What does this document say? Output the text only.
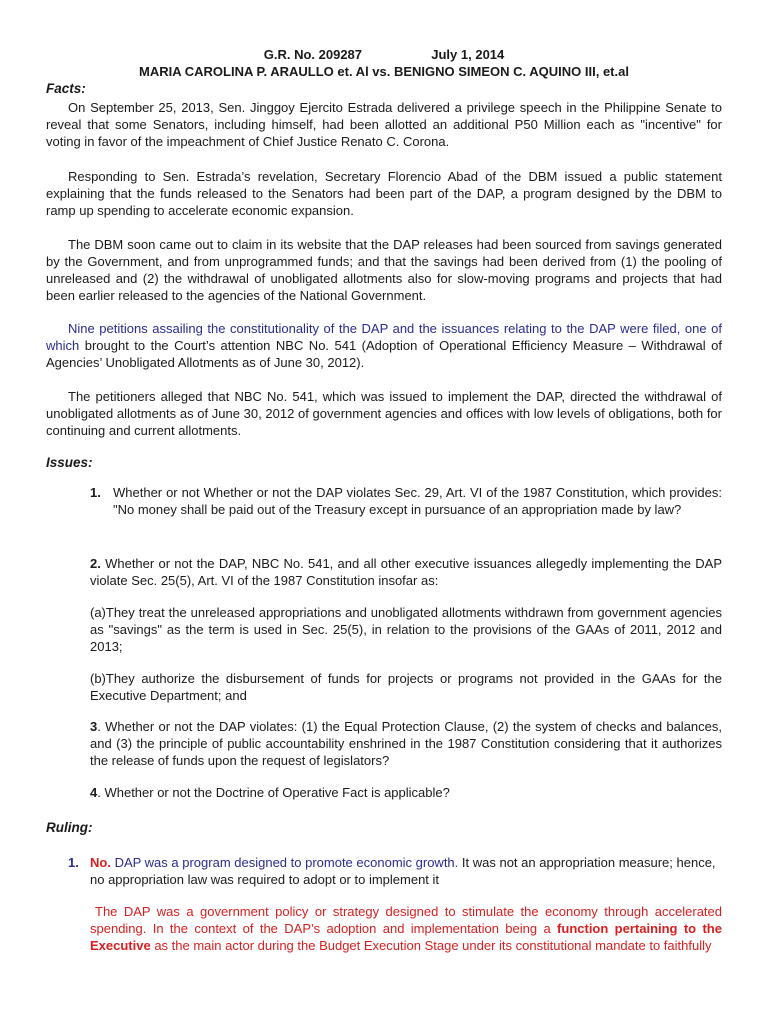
G.R. No. 209287	July 1, 2014
MARIA CAROLINA P. ARAULLO et. Al vs. BENIGNO SIMEON C. AQUINO III, et.al
Facts:

On September 25, 2013, Sen. Jinggoy Ejercito Estrada delivered a privilege speech in the Philippine Senate to reveal that some Senators, including himself, had been allotted an additional P50 Million each as "incentive" for voting in favor of the impeachment of Chief Justice Renato C. Corona.

Responding to Sen. Estrada’s revelation, Secretary Florencio Abad of the DBM issued a public statement explaining that the funds released to the Senators had been part of the DAP, a program designed by the DBM to ramp up spending to accelerate economic expansion.

The DBM soon came out to claim in its website that the DAP releases had been sourced from savings generated by the Government, and from unprogrammed funds; and that the savings had been derived from (1) the pooling of unreleased and (2) the withdrawal of unobligated allotments also for slow-moving programs and projects that had been earlier released to the agencies of the National Government.

Nine petitions assailing the constitutionality of the DAP and the issuances relating to the DAP were filed, one of which brought to the Court’s attention NBC No. 541 (Adoption of Operational Efficiency Measure – Withdrawal of Agencies’ Unobligated Allotments as of June 30, 2012).

The petitioners alleged that NBC No. 541, which was issued to implement the DAP, directed the withdrawal of unobligated allotments as of June 30, 2012 of government agencies and offices with low levels of obligations, both for continuing and current allotments.

Issues:
1. Whether or not Whether or not the DAP violates Sec. 29, Art. VI of the 1987 Constitution, which provides: "No money shall be paid out of the Treasury except in pursuance of an appropriation made by law?

2. Whether or not the DAP, NBC No. 541, and all other executive issuances allegedly implementing the DAP violate Sec. 25(5), Art. VI of the 1987 Constitution insofar as:

(a)They treat the unreleased appropriations and unobligated allotments withdrawn from government agencies as "savings" as the term is used in Sec. 25(5), in relation to the provisions of the GAAs of 2011, 2012 and 2013;

(b)They authorize the disbursement of funds for projects or programs not provided in the GAAs for the Executive Department; and

3. Whether or not the DAP violates: (1) the Equal Protection Clause, (2) the system of checks and balances, and (3) the principle of public accountability enshrined in the 1987 Constitution considering that it authorizes the release of funds upon the request of legislators?

4. Whether or not the Doctrine of Operative Fact is applicable?

Ruling:
1. No. DAP was a program designed to promote economic growth. It was not an appropriation measure; hence, no appropriation law was required to adopt or to implement it

The DAP was a government policy or strategy designed to stimulate the economy through accelerated spending. In the context of the DAP’s adoption and implementation being a function pertaining to the Executive as the main actor during the Budget Execution Stage under its constitutional mandate to faithfully
